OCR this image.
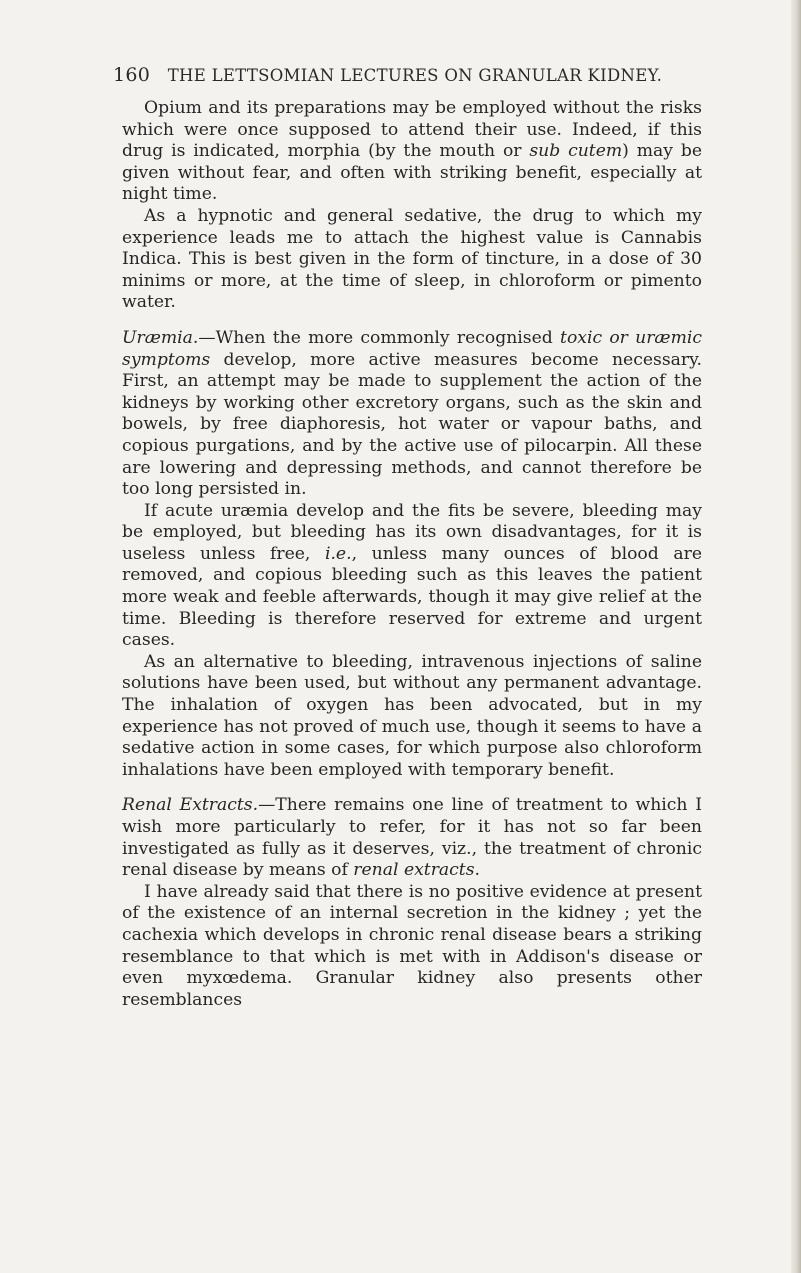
160 THE LETTSOMIAN LECTURES ON GRANULAR KIDNEY.

Opium and its preparations may be employed without the risks which were once supposed to attend their use. Indeed, if this drug is indicated, morphia (by the mouth or sub cutem) may be given without fear, and often with striking benefit, especially at night time.

As a hypnotic and general sedative, the drug to which my experience leads me to attach the highest value is Cannabis Indica. This is best given in the form of tincture, in a dose of 30 minims or more, at the time of sleep, in chloroform or pimento water.

Uræmia.—When the more commonly recognised toxic or uræmic symptoms develop, more active measures become necessary. First, an attempt may be made to supplement the action of the kidneys by working other excretory organs, such as the skin and bowels, by free diaphoresis, hot water or vapour baths, and copious purgations, and by the active use of pilocarpin. All these are lowering and depressing methods, and cannot therefore be too long persisted in.

If acute uræmia develop and the fits be severe, bleeding may be employed, but bleeding has its own disadvantages, for it is useless unless free, i.e., unless many ounces of blood are removed, and copious bleeding such as this leaves the patient more weak and feeble afterwards, though it may give relief at the time. Bleeding is therefore reserved for extreme and urgent cases.

As an alternative to bleeding, intravenous injections of saline solutions have been used, but without any permanent advantage. The inhalation of oxygen has been advocated, but in my experience has not proved of much use, though it seems to have a sedative action in some cases, for which purpose also chloroform inhalations have been employed with temporary benefit.

Renal Extracts.—There remains one line of treatment to which I wish more particularly to refer, for it has not so far been investigated as fully as it deserves, viz., the treatment of chronic renal disease by means of renal extracts.

I have already said that there is no positive evidence at present of the existence of an internal secretion in the kidney ; yet the cachexia which develops in chronic renal disease bears a striking resemblance to that which is met with in Addison's disease or even myxœdema. Granular kidney also presents other resemblances
